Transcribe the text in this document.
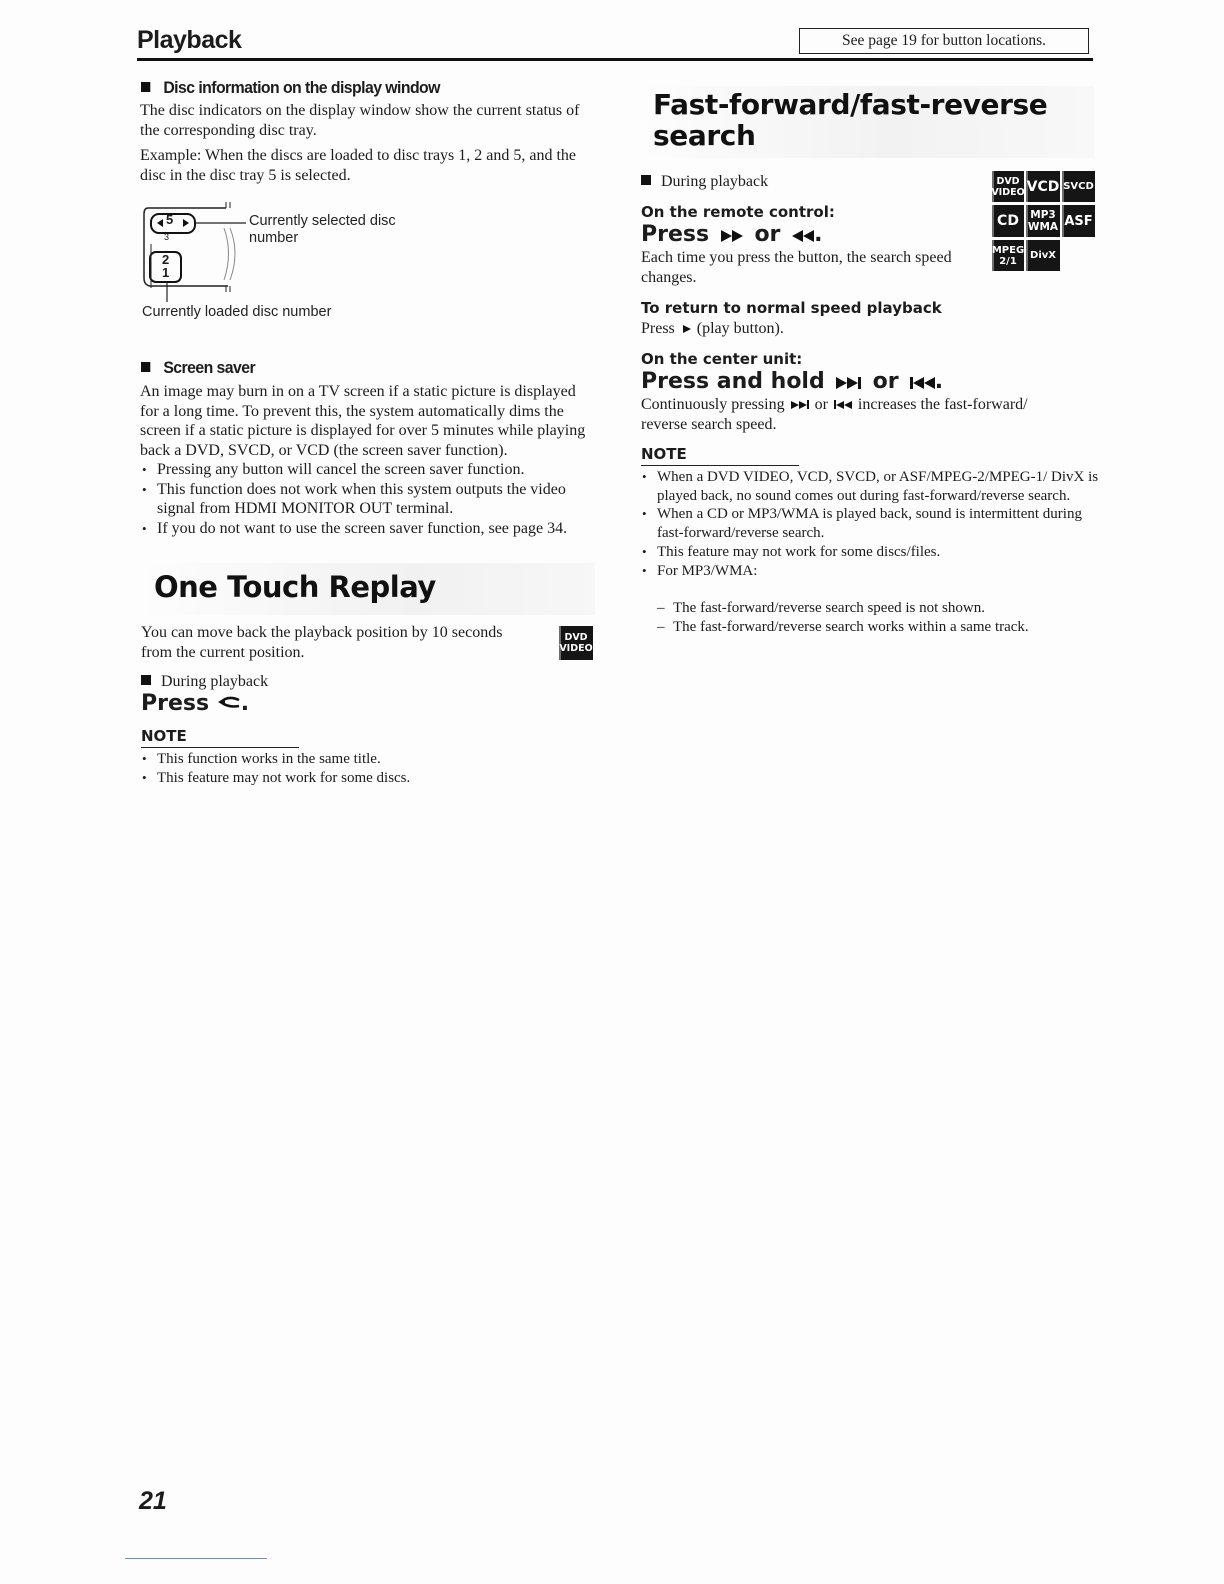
Playback	See page 19 for button locations.
Disc information on the display window
The disc indicators on the display window show the current status of the corresponding disc tray.
Example: When the discs are loaded to disc trays 1, 2 and 5, and the disc in the disc tray 5 is selected.
5
3
2
1
Currently selected disc
number
Currently loaded disc number
Screen saver
An image may burn in on a TV screen if a static picture is displayed for a long time. To prevent this, the system automatically dims the screen if a static picture is displayed for over 5 minutes while playing back a DVD, SVCD, or VCD (the screen saver function).
• Pressing any button will cancel the screen saver function.
• This function does not work when this system outputs the video signal from HDMI MONITOR OUT terminal.
• If you do not want to use the screen saver function, see page 34.
One Touch Replay
You can move back the playback position by 10 seconds from the current position.
DVD
VIDEO
During playback
Press .
NOTE
• This function works in the same title.
• This feature may not work for some discs.
Fast-forward/fast-reverse
search
DVD
VIDEO VCD SVCD
CD	MP3
WMA ASF
MPEG
2/1	DivX
During playback
On the remote control:
Press or .
Each time you press the button, the search speed changes.
To return to normal speed playback
Press (play button).
On the center unit:
Press and hold or .
Continuously pressing or increases the fast-forward/
reverse search speed.
NOTE
• When a DVD VIDEO, VCD, SVCD, or ASF/MPEG-2/MPEG-1/ DivX is played back, no sound comes out during fast-forward/reverse search.
• When a CD or MP3/WMA is played back, sound is intermittent during fast-forward/reverse search.
• This feature may not work for some discs/files.
• For MP3/WMA:
– The fast-forward/reverse search speed is not shown.
– The fast-forward/reverse search works within a same track.
21
